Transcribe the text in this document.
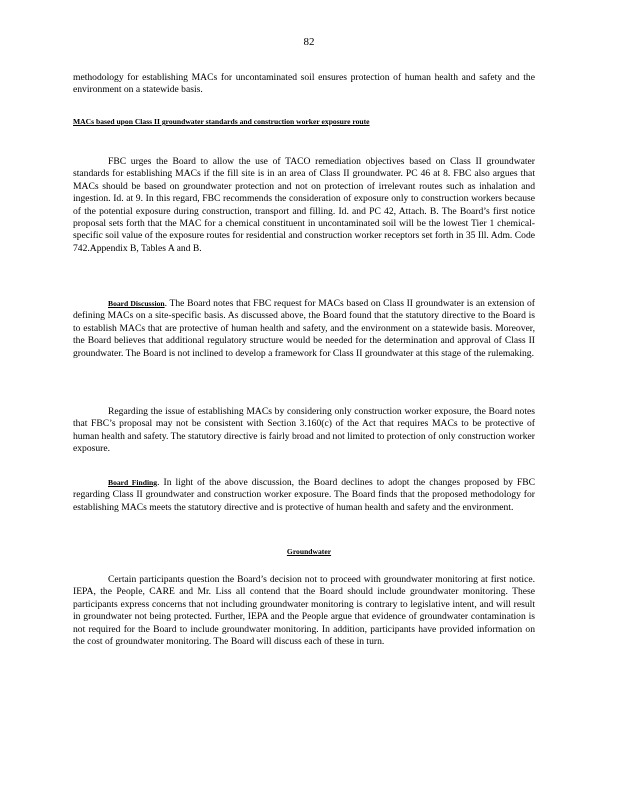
82

methodology for establishing MACs for uncontaminated soil ensures protection of human health and safety and the environment on a statewide basis.

MACs based upon Class II groundwater standards and construction worker exposure route

FBC urges the Board to allow the use of TACO remediation objectives based on Class II groundwater standards for establishing MACs if the fill site is in an area of Class II groundwater. PC 46 at 8. FBC also argues that MACs should be based on groundwater protection and not on protection of irrelevant routes such as inhalation and ingestion. Id. at 9. In this regard, FBC recommends the consideration of exposure only to construction workers because of the potential exposure during construction, transport and filling. Id. and PC 42, Attach. B. The Board’s first notice proposal sets forth that the MAC for a chemical constituent in uncontaminated soil will be the lowest Tier 1 chemical-specific soil value of the exposure routes for residential and construction worker receptors set forth in 35 Ill. Adm. Code 742.Appendix B, Tables A and B.

Board Discussion. The Board notes that FBC request for MACs based on Class II groundwater is an extension of defining MACs on a site-specific basis. As discussed above, the Board found that the statutory directive to the Board is to establish MACs that are protective of human health and safety, and the environment on a statewide basis. Moreover, the Board believes that additional regulatory structure would be needed for the determination and approval of Class II groundwater. The Board is not inclined to develop a framework for Class II groundwater at this stage of the rulemaking.

Regarding the issue of establishing MACs by considering only construction worker exposure, the Board notes that FBC’s proposal may not be consistent with Section 3.160(c) of the Act that requires MACs to be protective of human health and safety. The statutory directive is fairly broad and not limited to protection of only construction worker exposure.

Board Finding. In light of the above discussion, the Board declines to adopt the changes proposed by FBC regarding Class II groundwater and construction worker exposure. The Board finds that the proposed methodology for establishing MACs meets the statutory directive and is protective of human health and safety and the environment.

Groundwater

Certain participants question the Board’s decision not to proceed with groundwater monitoring at first notice. IEPA, the People, CARE and Mr. Liss all contend that the Board should include groundwater monitoring. These participants express concerns that not including groundwater monitoring is contrary to legislative intent, and will result in groundwater not being protected. Further, IEPA and the People argue that evidence of groundwater contamination is not required for the Board to include groundwater monitoring. In addition, participants have provided information on the cost of groundwater monitoring. The Board will discuss each of these in turn.
